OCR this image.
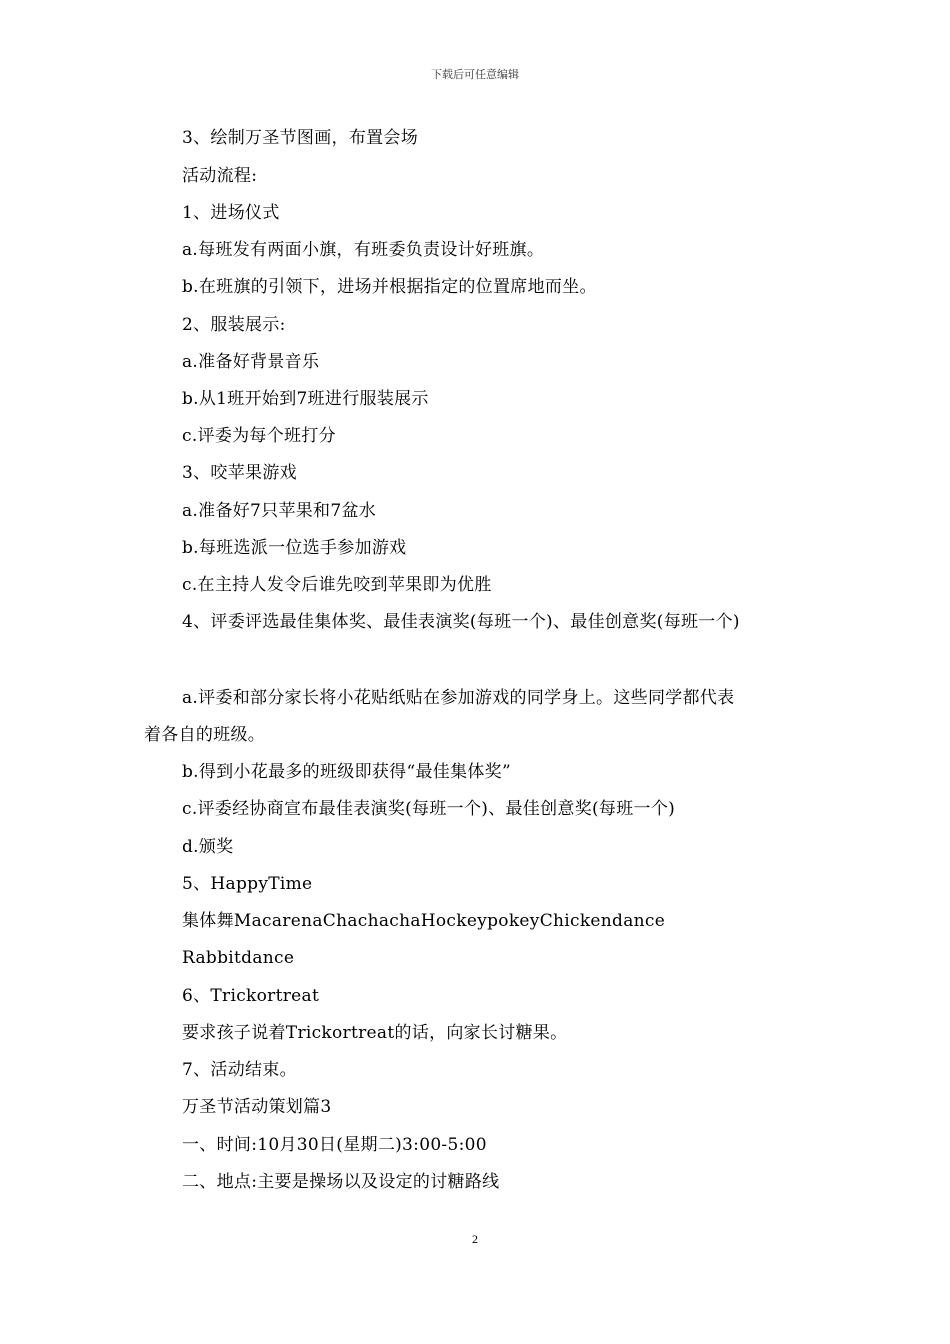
下载后可任意编辑
3、绘制万圣节图画，布置会场
活动流程:
1、进场仪式
a.每班发有两面小旗，有班委负责设计好班旗。
b.在班旗的引领下，进场并根据指定的位置席地而坐。
2、服装展示:
a.准备好背景音乐
b.从1班开始到7班进行服装展示
c.评委为每个班打分
3、咬苹果游戏
a.准备好7只苹果和7盆水
b.每班选派一位选手参加游戏
c.在主持人发令后谁先咬到苹果即为优胜
4、评委评选最佳集体奖、最佳表演奖(每班一个)、最佳创意奖(每班一个)
a.评委和部分家长将小花贴纸贴在参加游戏的同学身上。这些同学都代表
着各自的班级。
b.得到小花最多的班级即获得“最佳集体奖”
c.评委经协商宣布最佳表演奖(每班一个)、最佳创意奖(每班一个)
d.颁奖
5、HappyTime
集体舞MacarenaChachachaHockeypokeyChickendance
Rabbitdance
6、Trickortreat
要求孩子说着Trickortreat的话，向家长讨糖果。
7、活动结束。
万圣节活动策划篇3
一、时间:10月30日(星期二)3:00-5:00
二、地点:主要是操场以及设定的讨糖路线
2
